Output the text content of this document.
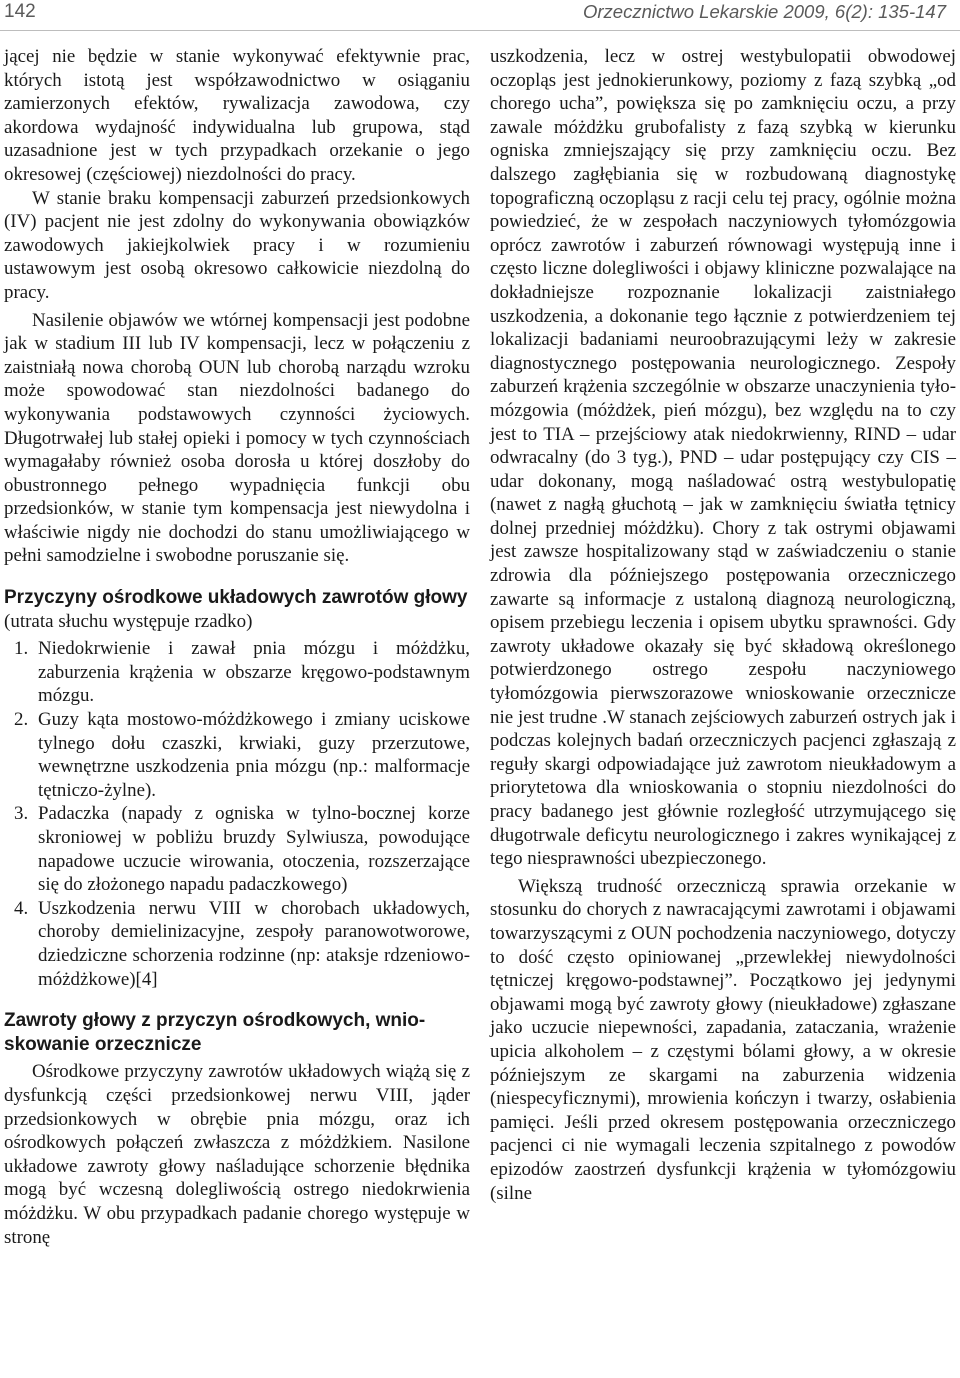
142	Orzecznictwo Lekarskie 2009, 6(2): 135-147

jącej nie będzie w stanie wykonywać efektywnie prac, których istotą jest współzawodnictwo w osiąganiu zamierzonych efektów, rywalizacja zawodowa, czy akordowa wydajność indywidualna lub grupowa, stąd uzasadnione jest w tych przypadkach orzekanie o jego okresowej (częściowej) niezdolności do pracy.

W stanie braku kompensacji zaburzeń przedsionkowych (IV) pacjent nie jest zdolny do wykonywania obowiązków zawodowych jakiejkolwiek pracy i w rozumieniu ustawowym jest osobą okresowo całkowicie niezdolną do pracy.

Nasilenie objawów we wtórnej kompensacji jest podobne jak w stadium III lub IV kompensacji, lecz w połączeniu z zaistniałą nowa chorobą OUN lub chorobą narządu wzroku może spowodować stan niezdolności badanego do wykonywania podstawowych czynności życiowych. Długotrwałej lub stałej opieki i pomocy w tych czynnościach wymagałaby również osoba dorosła u której doszłoby do obustronnego pełnego wypadnięcia funkcji obu przedsionków, w stanie tym kompensacja jest niewydolna i właściwie nigdy nie dochodzi do stanu umożliwiającego w pełni samodzielne i swobodne poruszanie się.

Przyczyny ośrodkowe układowych zawrotów głowy (utrata słuchu występuje rzadko)
1. Niedokrwienie i zawał pnia mózgu i móżdżku, zaburzenia krążenia w obszarze kręgowo-podstawnym mózgu.
2. Guzy kąta mostowo-móżdżkowego i zmiany uciskowe tylnego dołu czaszki, krwiaki, guzy przerzutowe, wewnętrzne uszkodzenia pnia mózgu (np.: malformacje tętniczo-żylne).
3. Padaczka (napady z ogniska w tylno-bocznej korze skroniowej w pobliżu bruzdy Sylwiusza, powodujące napadowe uczucie wirowania, otoczenia, rozszerzające się do złożonego napadu padaczkowego)
4. Uszkodzenia nerwu VIII w chorobach układowych, choroby demielinizacyjne, zespoły paranowotworowe, dziedziczne schorzenia rodzinne (np: ataksje rdzeniowo-móżdżkowe)[4]
Zawroty głowy z przyczyn ośrodkowych, wnioskowanie orzecznicze

Ośrodkowe przyczyny zawrotów układowych wiążą się z dysfunkcją części przedsionkowej nerwu VIII, jąder przedsionkowych w obrębie pnia mózgu, oraz ich ośrodkowych połączeń zwłaszcza z móżdżkiem. Nasilone układowe zawroty głowy naśladujące schorzenie błędnika mogą być wczesną dolegliwością ostrego niedokrwienia móżdżku. W obu przypadkach padanie chorego występuje w stronę

uszkodzenia, lecz w ostrej westybulopatii obwodowej oczopląs jest jednokierunkowy, poziomy z fazą szybką „od chorego ucha”, powiększa się po zamknięciu oczu, a przy zawale móżdżku grubofalisty z fazą szybką w kierunku ogniska zmniejszający się przy zamknięciu oczu. Bez dalszego zagłębiania się w rozbudowaną diagnostykę topograficzną oczopląsu z racji celu tej pracy, ogólnie można powiedzieć, że w zespołach naczyniowych tyłomózgowia oprócz zawrotów i zaburzeń równowagi występują inne i często liczne dolegliwości i objawy kliniczne pozwalające na dokładniejsze rozpoznanie lokalizacji zaistniałego uszkodzenia, a dokonanie tego łącznie z potwierdzeniem tej lokalizacji badaniami neuroobrazującymi leży w zakresie diagnostycznego postępowania neurologicznego. Zespoły zaburzeń krążenia szczególnie w obszarze unaczynienia tyłomózgowia (móżdżek, pień mózgu), bez względu na to czy jest to TIA – przejściowy atak niedokrwienny, RIND – udar odwracalny (do 3 tyg.), PND – udar postępujący czy CIS – udar dokonany, mogą naśladować ostrą westybulopatię (nawet z nagłą głuchotą – jak w zamknięciu światła tętnicy dolnej przedniej móżdżku). Chory z tak ostrymi objawami jest zawsze hospitalizowany stąd w zaświadczeniu o stanie zdrowia dla późniejszego postępowania orzeczniczego zawarte są informacje z ustaloną diagnozą neurologiczną, opisem przebiegu leczenia i opisem ubytku sprawności. Gdy zawroty układowe okazały się być składową określonego potwierdzonego ostrego zespołu naczyniowego tyłomózgowia pierwszorazowe wnioskowanie orzecznicze nie jest trudne .W stanach zejściowych zaburzeń ostrych jak i podczas kolejnych badań orzeczniczych pacjenci zgłaszają z reguły skargi odpowiadające już zawrotom nieukładowym a priorytetowa dla wnioskowania o stopniu niezdolności do pracy badanego jest głównie rozległość utrzymującego się długotrwale deficytu neurologicznego i zakres wynikającej z tego niesprawności ubezpieczonego.

Większą trudność orzeczniczą sprawia orzekanie w stosunku do chorych z nawracającymi zawrotami i objawami towarzyszącymi z OUN pochodzenia naczyniowego, dotyczy to dość często opiniowanej „przewlekłej niewydolności tętniczej kręgowo-podstawnej”. Początkowo jej jedynymi objawami mogą być zawroty głowy (nieukładowe) zgłaszane jako uczucie niepewności, zapadania, zataczania, wrażenie upicia alkoholem – z częstymi bólami głowy, a w okresie późniejszym ze skargami na zaburzenia widzenia (niespecyficznymi), mrowienia kończyn i twarzy, osłabienia pamięci. Jeśli przed okresem postępowania orzeczniczego pacjenci ci nie wymagali leczenia szpitalnego z powodów epizodów zaostrzeń dysfunkcji krążenia w tyłomózgowiu (silne
